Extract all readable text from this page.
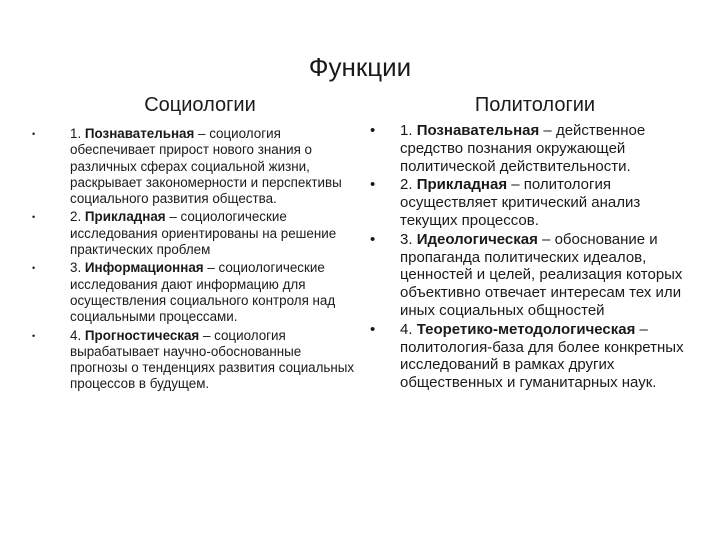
Функции
Социологии	Политологии
•	1. Познавательная – социология обеспечивает прирост нового знания о различных сферах социальной жизни, раскрывает закономерности и перспективы социального развития общества.
•	2. Прикладная – социологические исследования ориентированы на решение практических проблем
•	3. Информационная – социологические исследования дают информацию для осуществления социального контроля над социальными процессами.
•	4. Прогностическая – социология вырабатывает научно-обоснованные прогнозы о тенденциях развития социальных процессов в будущем.
• 1. Познавательная – действенное средство познания окружающей политической действительности.
• 2. Прикладная – политология осуществляет критический анализ текущих процессов.
• 3. Идеологическая – обоснование и пропаганда политических идеалов, ценностей и целей, реализация которых объективно отвечает интересам тех или иных социальных общностей
• 4. Теоретико-методологическая – политология-база для более конкретных исследований в рамках других общественных и гуманитарных наук.
